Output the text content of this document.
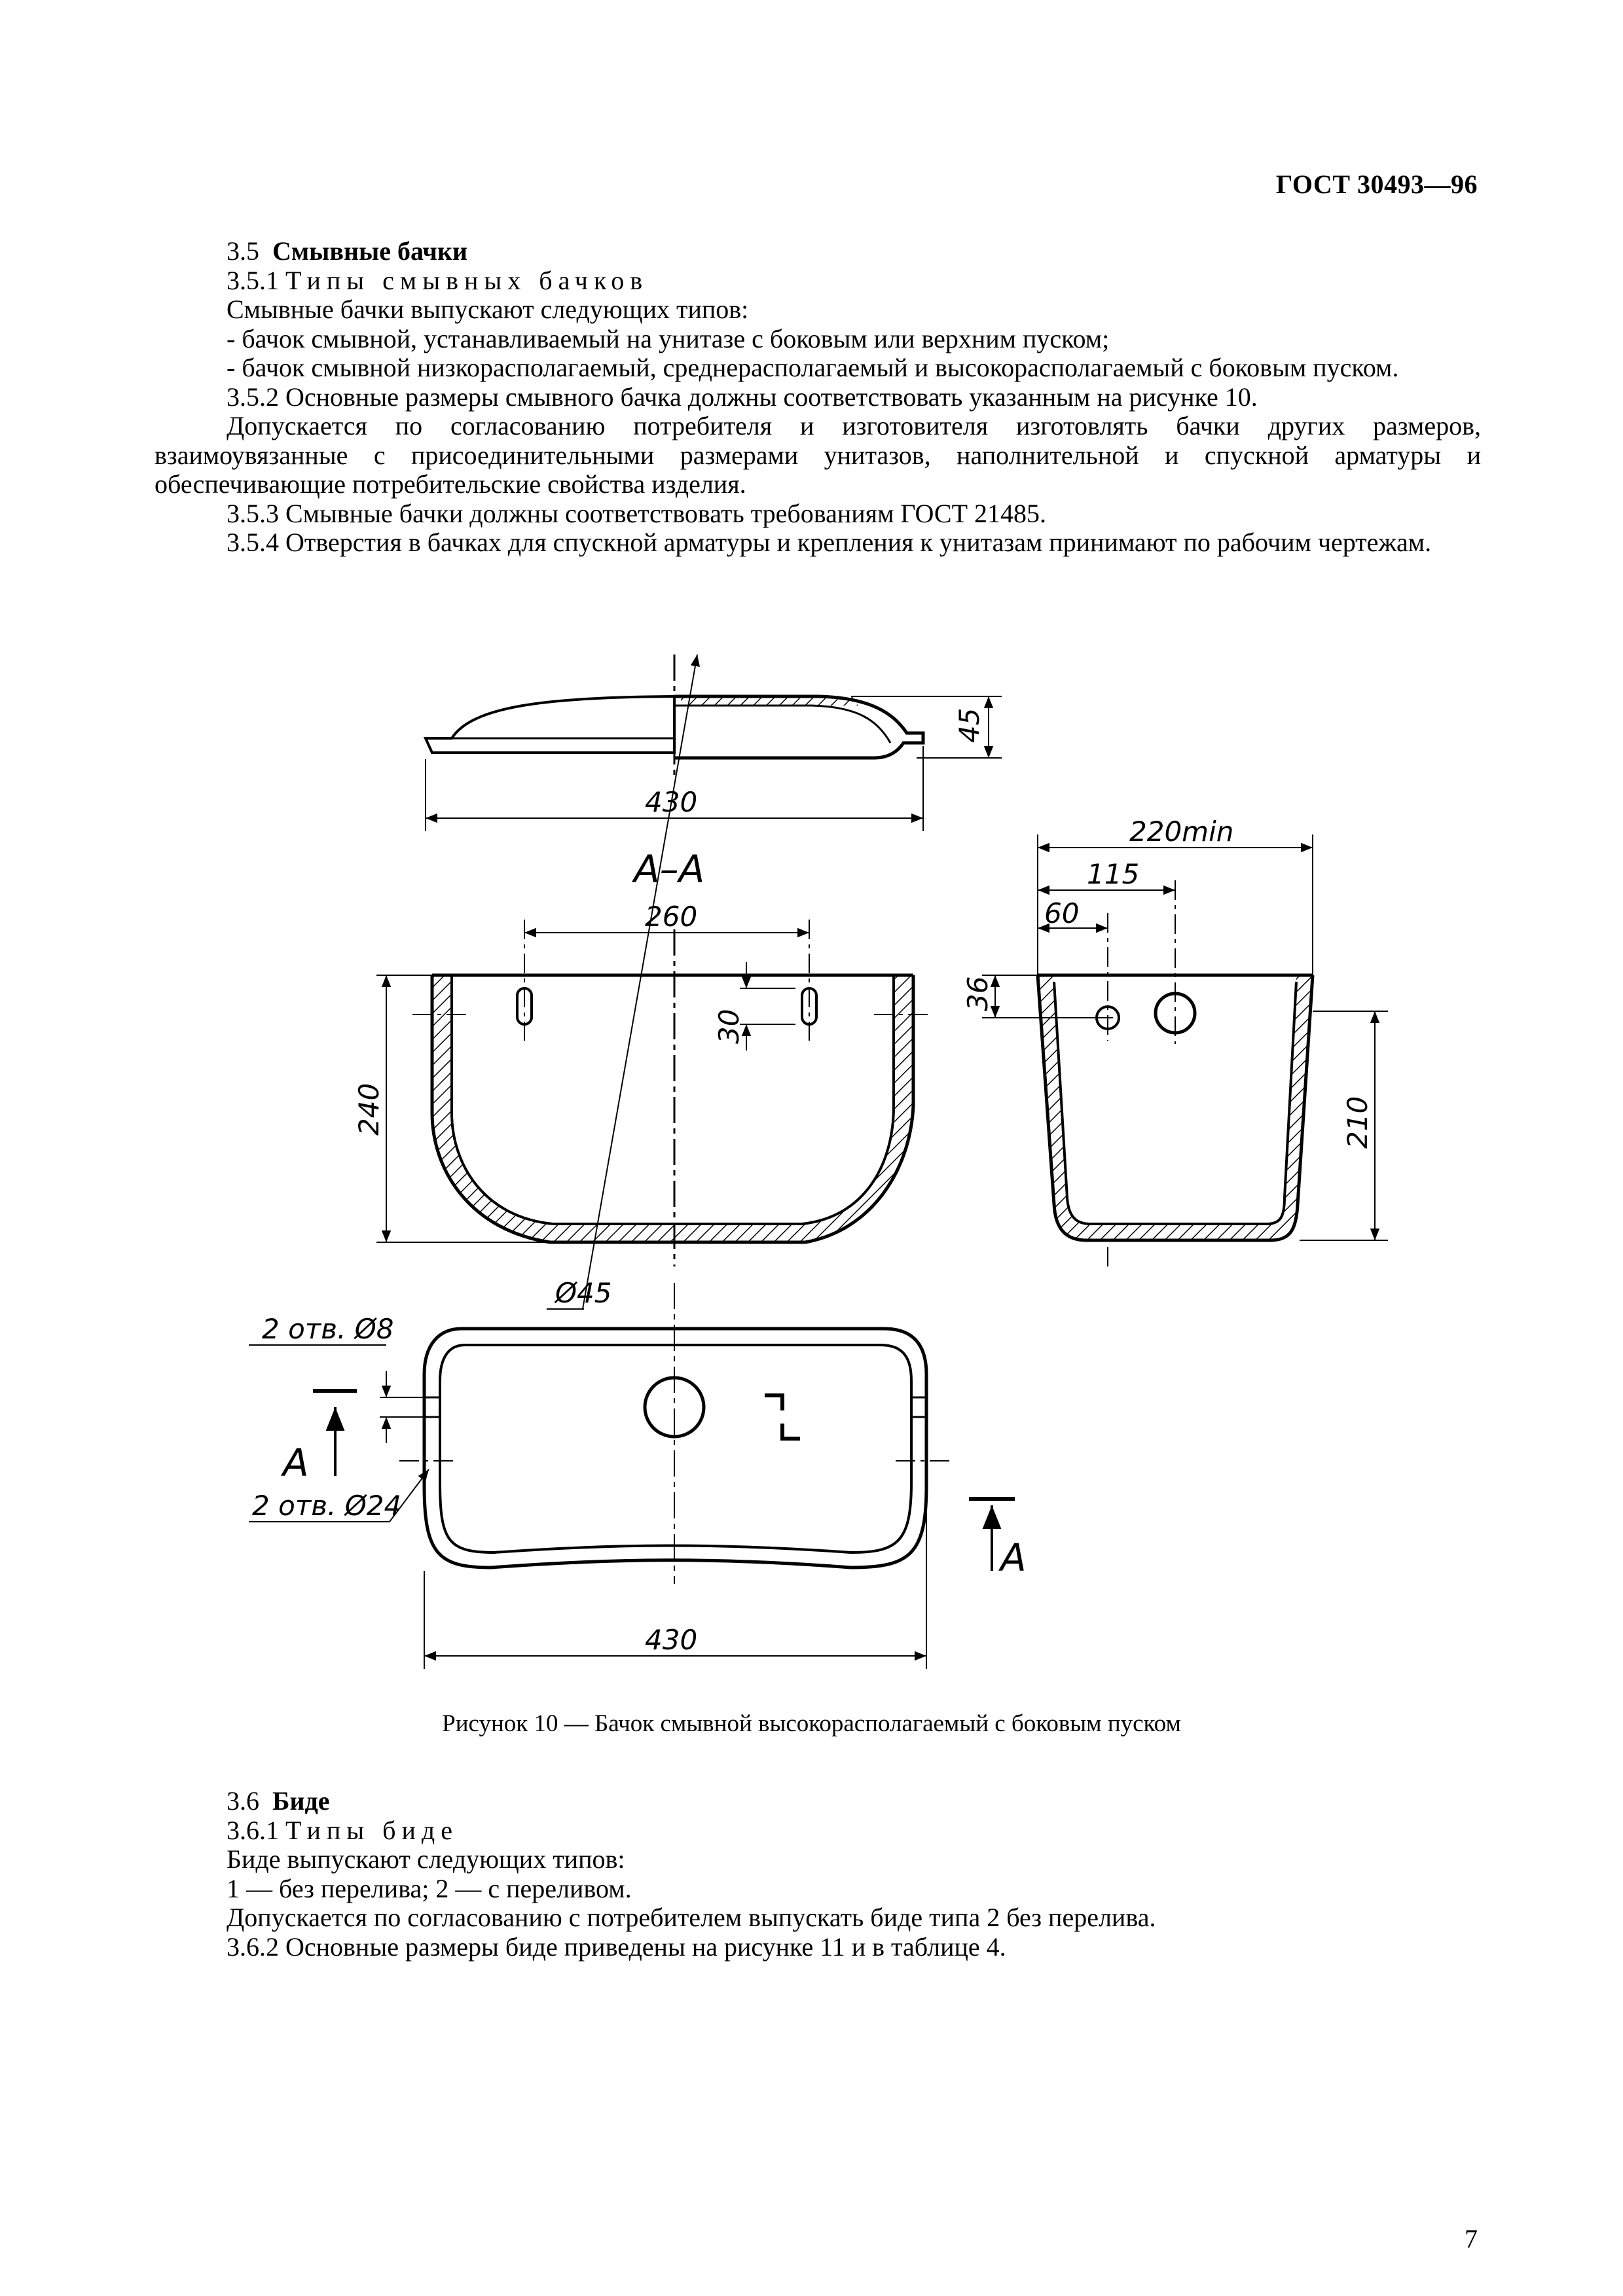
ГОСТ 30493—96

3.5 Смывные бачки

3.5.1 Типы смывных бачков

Смывные бачки выпускают следующих типов:

- бачок смывной, устанавливаемый на унитазе с боковым или верхним пуском;

- бачок смывной низкорасполагаемый, среднерасполагаемый и высокорасполагаемый с боковым пуском.

3.5.2 Основные размеры смывного бачка должны соответствовать указанным на рисунке 10.

Допускается по согласованию потребителя и изготовителя изготовлять бачки других размеров, взаимоувязанные с присоединительными размерами унитазов, наполнительной и спускной арматуры и обеспечивающие потребительские свойства изделия.

3.5.3 Смывные бачки должны соответствовать требованиям ГОСТ 21485.

3.5.4 Отверстия в бачках для спускной арматуры и крепления к унитазам принимают по рабочим чертежам.

430
45
А–А
260
30
240
220min
115
60
36
210
Ø45
2 отв. Ø8
2 отв. Ø24
А
А
430
Рисунок 10 — Бачок смывной высокорасполагаемый с боковым пуском

3.6 Биде

3.6.1 Типы биде

Биде выпускают следующих типов:

1 — без перелива; 2 — с переливом.

Допускается по согласованию с потребителем выпускать биде типа 2 без перелива.

3.6.2 Основные размеры биде приведены на рисунке 11 и в таблице 4.

7
